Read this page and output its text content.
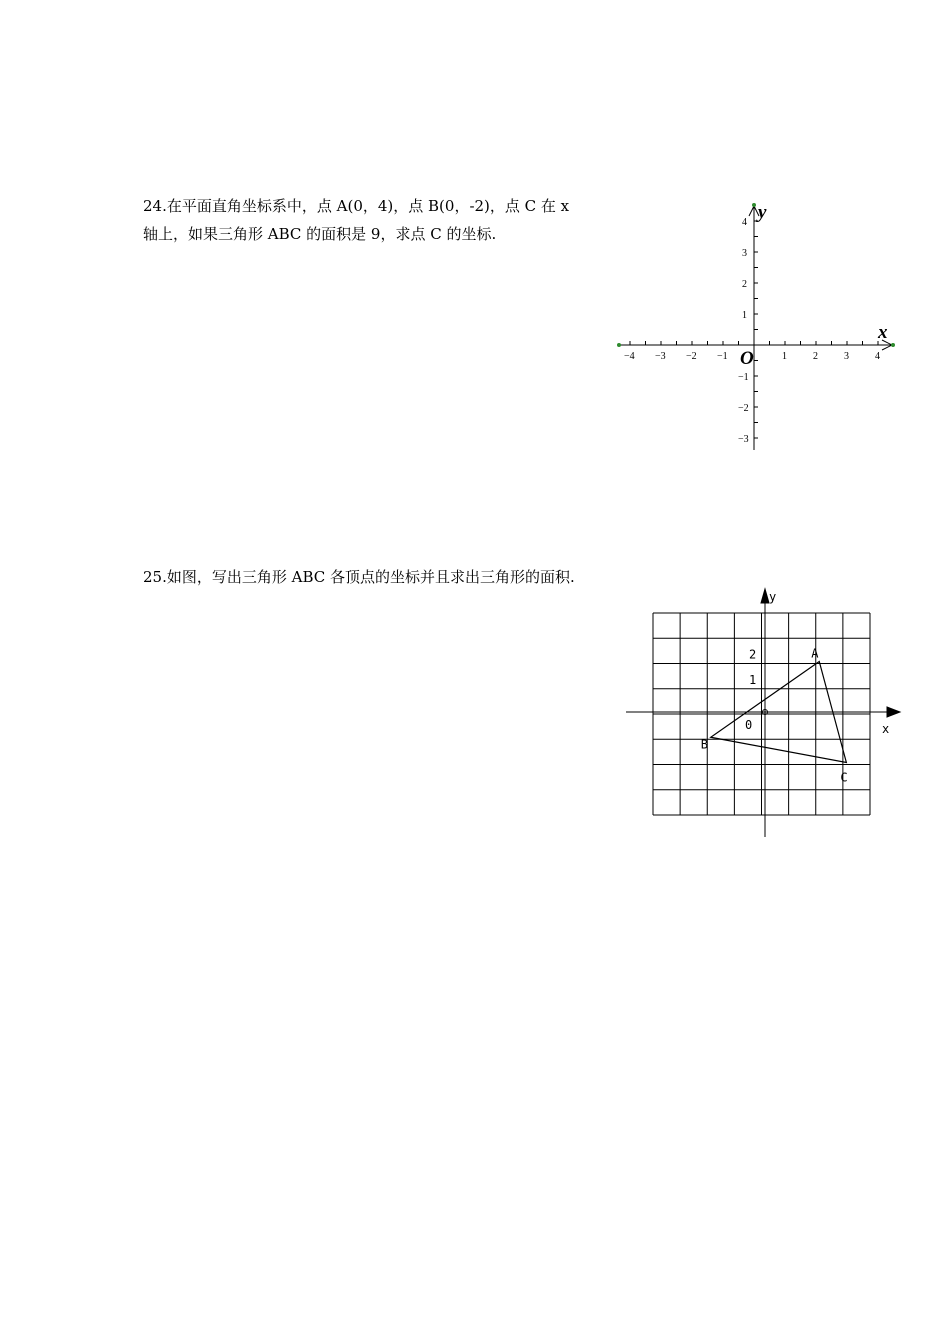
24.在平面直角坐标系中，点 A(0，4)，点 B(0，-2)，点 C 在 x
轴上，如果三角形 ABC 的面积是 9，求点 C 的坐标.
25.如图，写出三角形 ABC 各顶点的坐标并且求出三角形的面积.
−4 −3 −2 −1	1	2	3	4
−3
−2
−1
1
2
3
4
x
y
O
A
B
C
1
2
x
y
0
